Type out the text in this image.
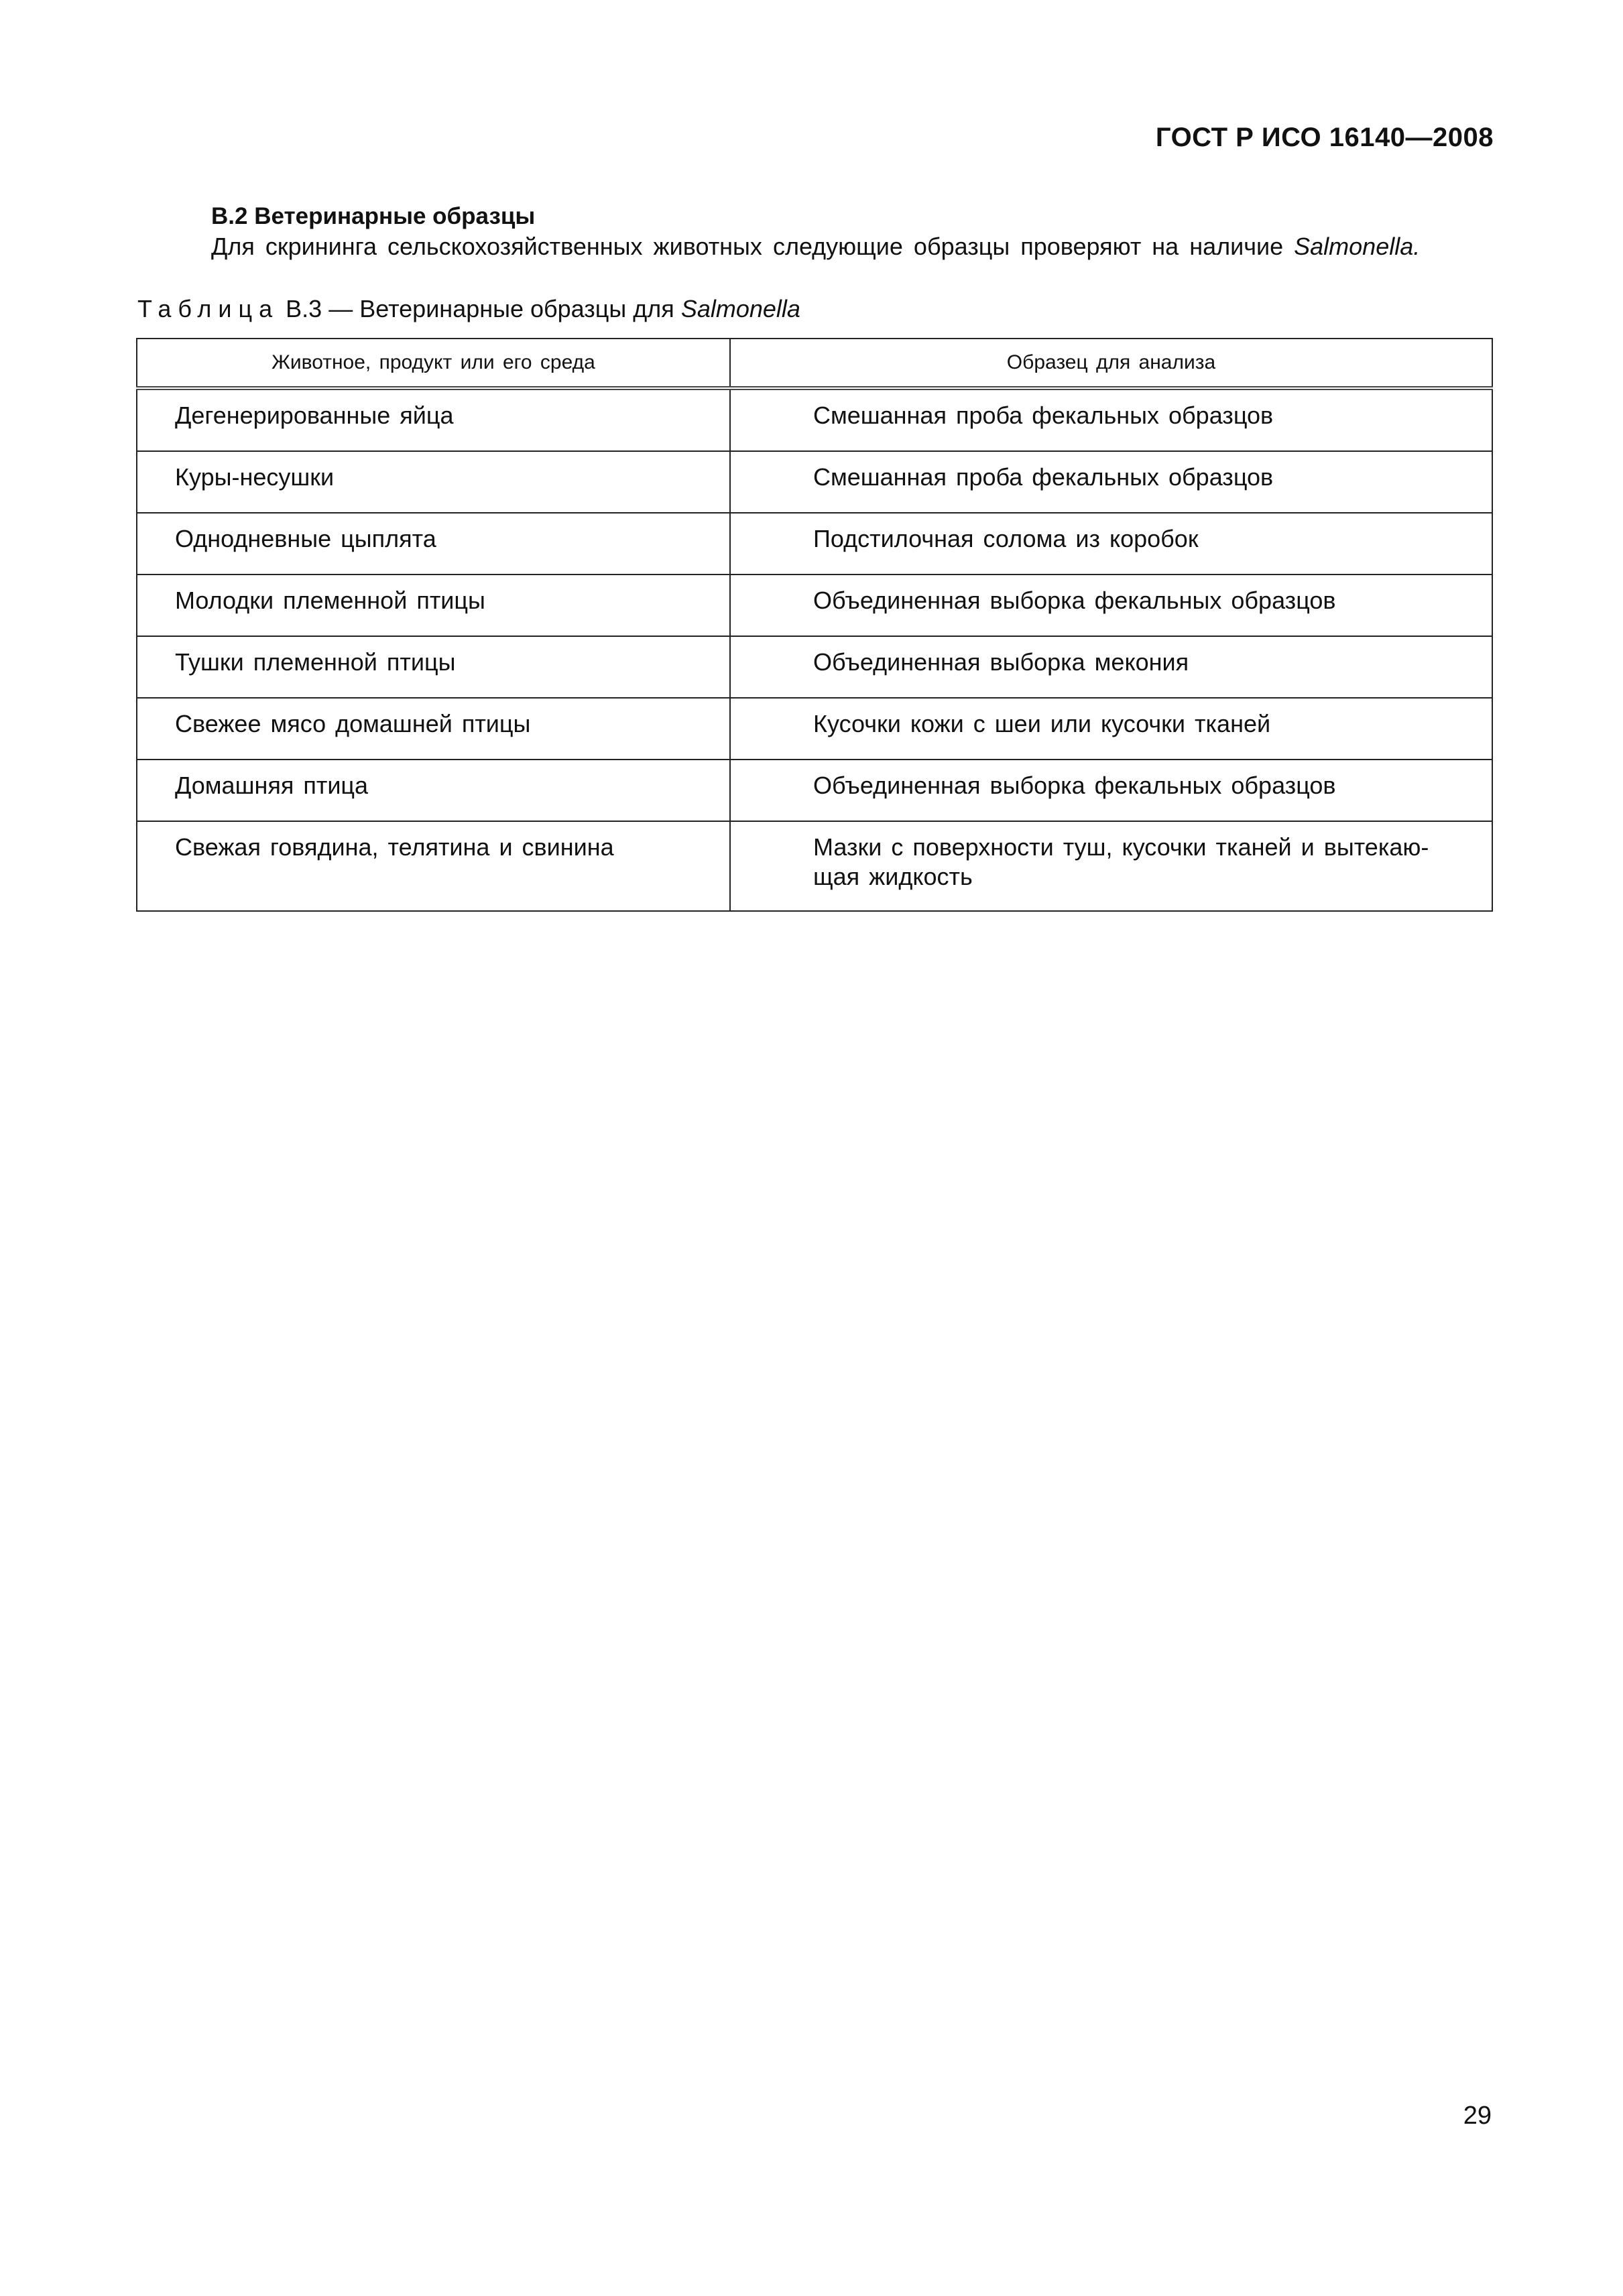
ГОСТ Р ИСО 16140—2008
В.2 Ветеринарные образцы
Для скрининга сельскохозяйственных животных следующие образцы проверяют на наличие Salmonella.
Таблица В.3 — Ветеринарные образцы для Salmonella
Животное, продукт или его среда	Образец для анализа
Дегенерированные яйца	Смешанная проба фекальных образцов
Куры-несушки	Смешанная проба фекальных образцов
Однодневные цыплята	Подстилочная солома из коробок
Молодки племенной птицы	Объединенная выборка фекальных образцов
Тушки племенной птицы	Объединенная выборка мекония
Свежее мясо домашней птицы	Кусочки кожи с шеи или кусочки тканей
Домашняя птица	Объединенная выборка фекальных образцов
Свежая говядина, телятина и свинина	Мазки с поверхности туш, кусочки тканей и вытекаю-щая жидкость
29
